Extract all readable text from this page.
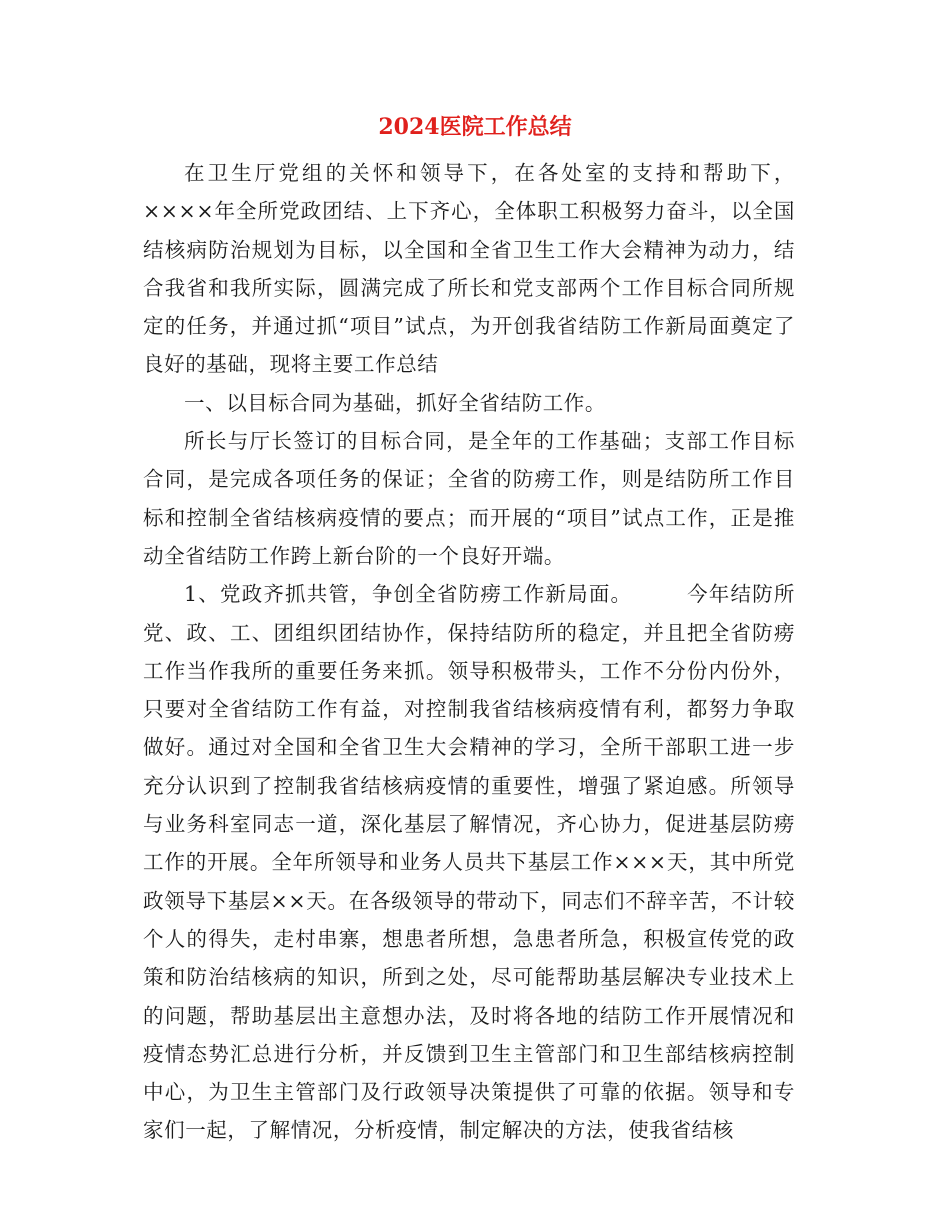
2024医院工作总结

在卫生厅党组的关怀和领导下，在各处室的支持和帮助下，××××年全所党政团结、上下齐心，全体职工积极努力奋斗，以全国结核病防治规划为目标，以全国和全省卫生工作大会精神为动力，结合我省和我所实际，圆满完成了所长和党支部两个工作目标合同所规定的任务，并通过抓“项目”试点，为开创我省结防工作新局面奠定了良好的基础，现将主要工作总结

一、以目标合同为基础，抓好全省结防工作。

所长与厅长签订的目标合同，是全年的工作基础；支部工作目标合同，是完成各项任务的保证；全省的防痨工作，则是结防所工作目标和控制全省结核病疫情的要点；而开展的“项目”试点工作，正是推动全省结防工作跨上新台阶的一个良好开端。

1、党政齐抓共管，争创全省防痨工作新局面。　　　今年结防所党、政、工、团组织团结协作，保持结防所的稳定，并且把全省防痨工作当作我所的重要任务来抓。领导积极带头，工作不分份内份外，只要对全省结防工作有益，对控制我省结核病疫情有利，都努力争取做好。通过对全国和全省卫生大会精神的学习，全所干部职工进一步充分认识到了控制我省结核病疫情的重要性，增强了紧迫感。所领导与业务科室同志一道，深化基层了解情况，齐心协力，促进基层防痨工作的开展。全年所领导和业务人员共下基层工作×××天，其中所党政领导下基层××天。在各级领导的带动下，同志们不辞辛苦，不计较个人的得失，走村串寨，想患者所想，急患者所急，积极宣传党的政策和防治结核病的知识，所到之处，尽可能帮助基层解决专业技术上的问题，帮助基层出主意想办法，及时将各地的结防工作开展情况和疫情态势汇总进行分析，并反馈到卫生主管部门和卫生部结核病控制中心，为卫生主管部门及行政领导决策提供了可靠的依据。领导和专家们一起，了解情况，分析疫情，制定解决的方法，使我省结核
